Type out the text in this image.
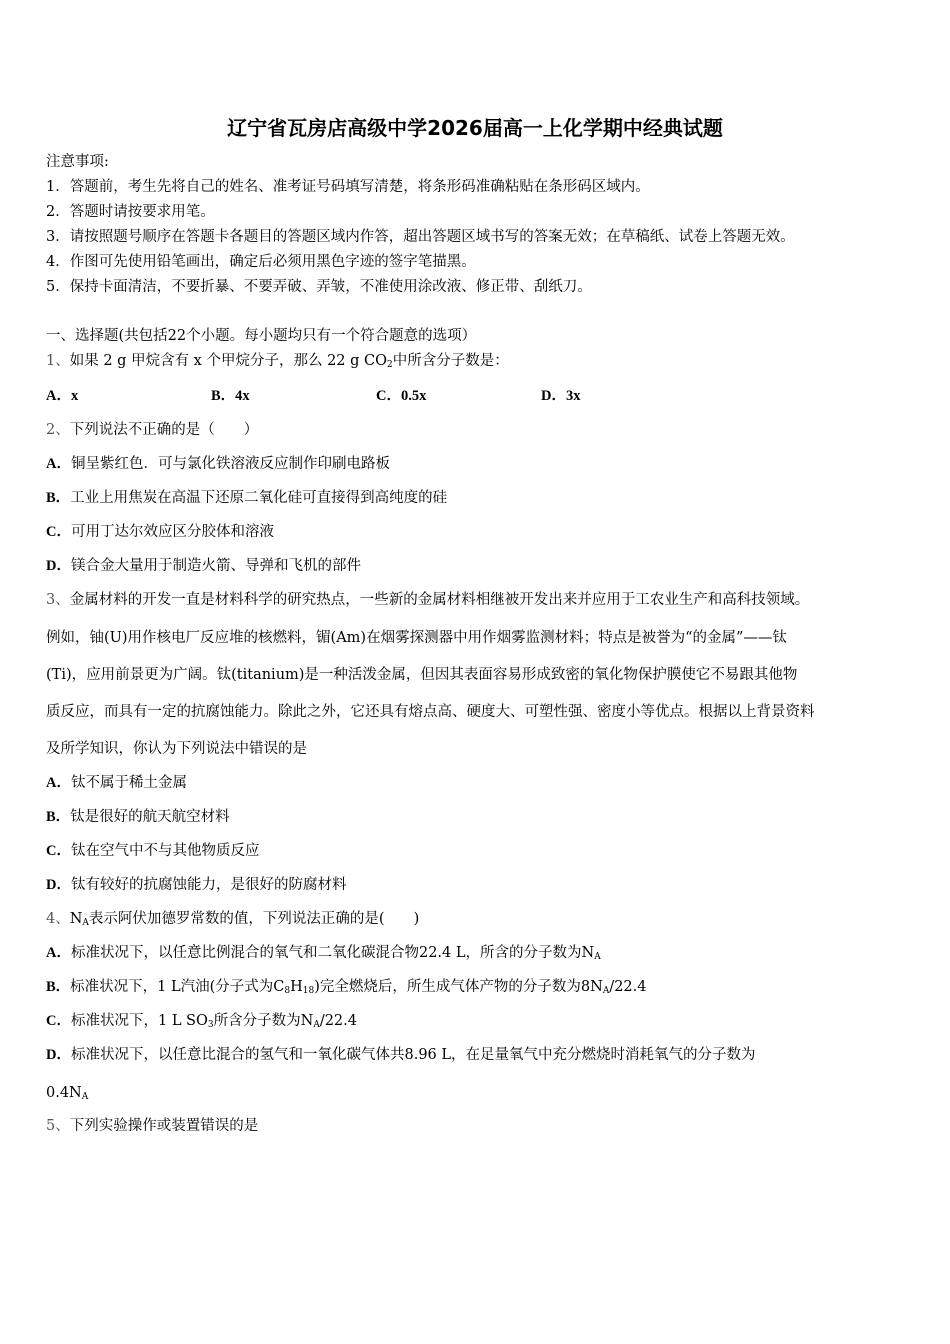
辽宁省瓦房店高级中学2026届高一上化学期中经典试题
注意事项:
1．答题前，考生先将自己的姓名、准考证号码填写清楚，将条形码准确粘贴在条形码区域内。
2．答题时请按要求用笔。
3．请按照题号顺序在答题卡各题目的答题区域内作答，超出答题区域书写的答案无效；在草稿纸、试卷上答题无效。
4．作图可先使用铅笔画出，确定后必须用黑色字迹的签字笔描黑。
5．保持卡面清洁，不要折暴、不要弄破、弄皱，不准使用涂改液、修正带、刮纸刀。
一、选择题(共包括22个小题。每小题均只有一个符合题意的选项）
1、如果 2 g 甲烷含有 x 个甲烷分子，那么 22 g $CO_2$中所含分子数是：
A．x	B．4x	C．0.5x	D．3x
2、下列说法不正确的是（　　）
A．铜呈紫红色．可与氯化铁溶液反应制作印刷电路板
B．工业上用焦炭在高温下还原二氧化硅可直接得到高纯度的硅
C．可用丁达尔效应区分胶体和溶液
D．镁合金大量用于制造火箭、导弹和飞机的部件
3、金属材料的开发一直是材料科学的研究热点，一些新的金属材料相继被开发出来并应用于工农业生产和高科技领域。
例如，铀(U)用作核电厂反应堆的核燃料，镅(Am)在烟雾探测器中用作烟雾监测材料；特点是被誉为“的金属”——钛
(Ti)，应用前景更为广阔。钛(titanium)是一种活泼金属，但因其表面容易形成致密的氧化物保护膜使它不易跟其他物
质反应，而具有一定的抗腐蚀能力。除此之外，它还具有熔点高、硬度大、可塑性强、密度小等优点。根据以上背景资料
及所学知识，你认为下列说法中错误的是
A．钛不属于稀土金属
B．钛是很好的航天航空材料
C．钛在空气中不与其他物质反应
D．钛有较好的抗腐蚀能力，是很好的防腐材料
4、$N_A$表示阿伏加德罗常数的值，下列说法正确的是(　　)
A．标准状况下，以任意比例混合的氧气和二氧化碳混合物22.4 L，所含的分子数为$N_A$
B．标准状况下，1 L汽油(分子式为$C_8H_{18}$)完全燃烧后，所生成气体产物的分子数为$8N_A/22.4$
C．标准状况下，1 L $SO_3$所含分子数为$N_A/22.4$
D．标准状况下，以任意比混合的氢气和一氧化碳气体共8.96 L，在足量氧气中充分燃烧时消耗氧气的分子数为
$0.4N_A$
5、下列实验操作或装置错误的是
